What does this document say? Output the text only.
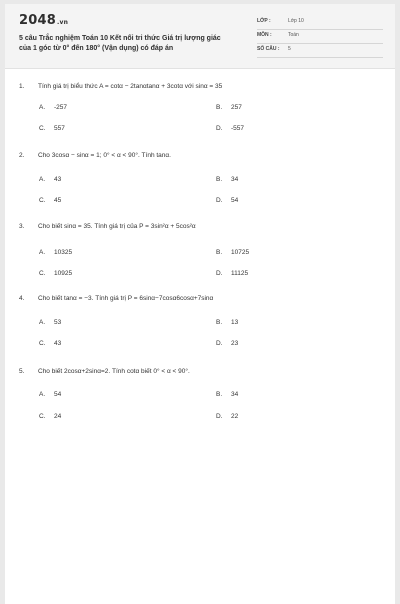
2048.vn
5 câu Trắc nghiệm Toán 10 Kết nối tri thức Giá trị lượng giác của 1 góc từ 0° đến 180° (Vận dụng) có đáp án
LỚP :	Lớp 10
MÔN :	Toán
SỐ CÂU : 5
1. Tính giá trị biểu thức A = cotα − 2tanαtanα + 3cotα với sinα = 35
A. -257	B. 257
C. 557	D. -557
2. Cho 3cosα − sinα = 1; 0° < α < 90°. Tính tanα.
A. 43	B. 34
C. 45	D. 54
3. Cho biết sinα = 35. Tính giá trị của P = 3sin²α + 5cos²α
A. 10325	B. 10725
C. 10925	D. 11125
4. Cho biết tanα = −3. Tính giá trị P = 6sinα−7cosα6cosα+7sinα
A. 53	B. 13
C. 43	D. 23
5. Cho biết 2cosα+2sinα=2. Tính cotα biết 0° < α < 90°.
A. 54	B. 34
C. 24	D. 22
